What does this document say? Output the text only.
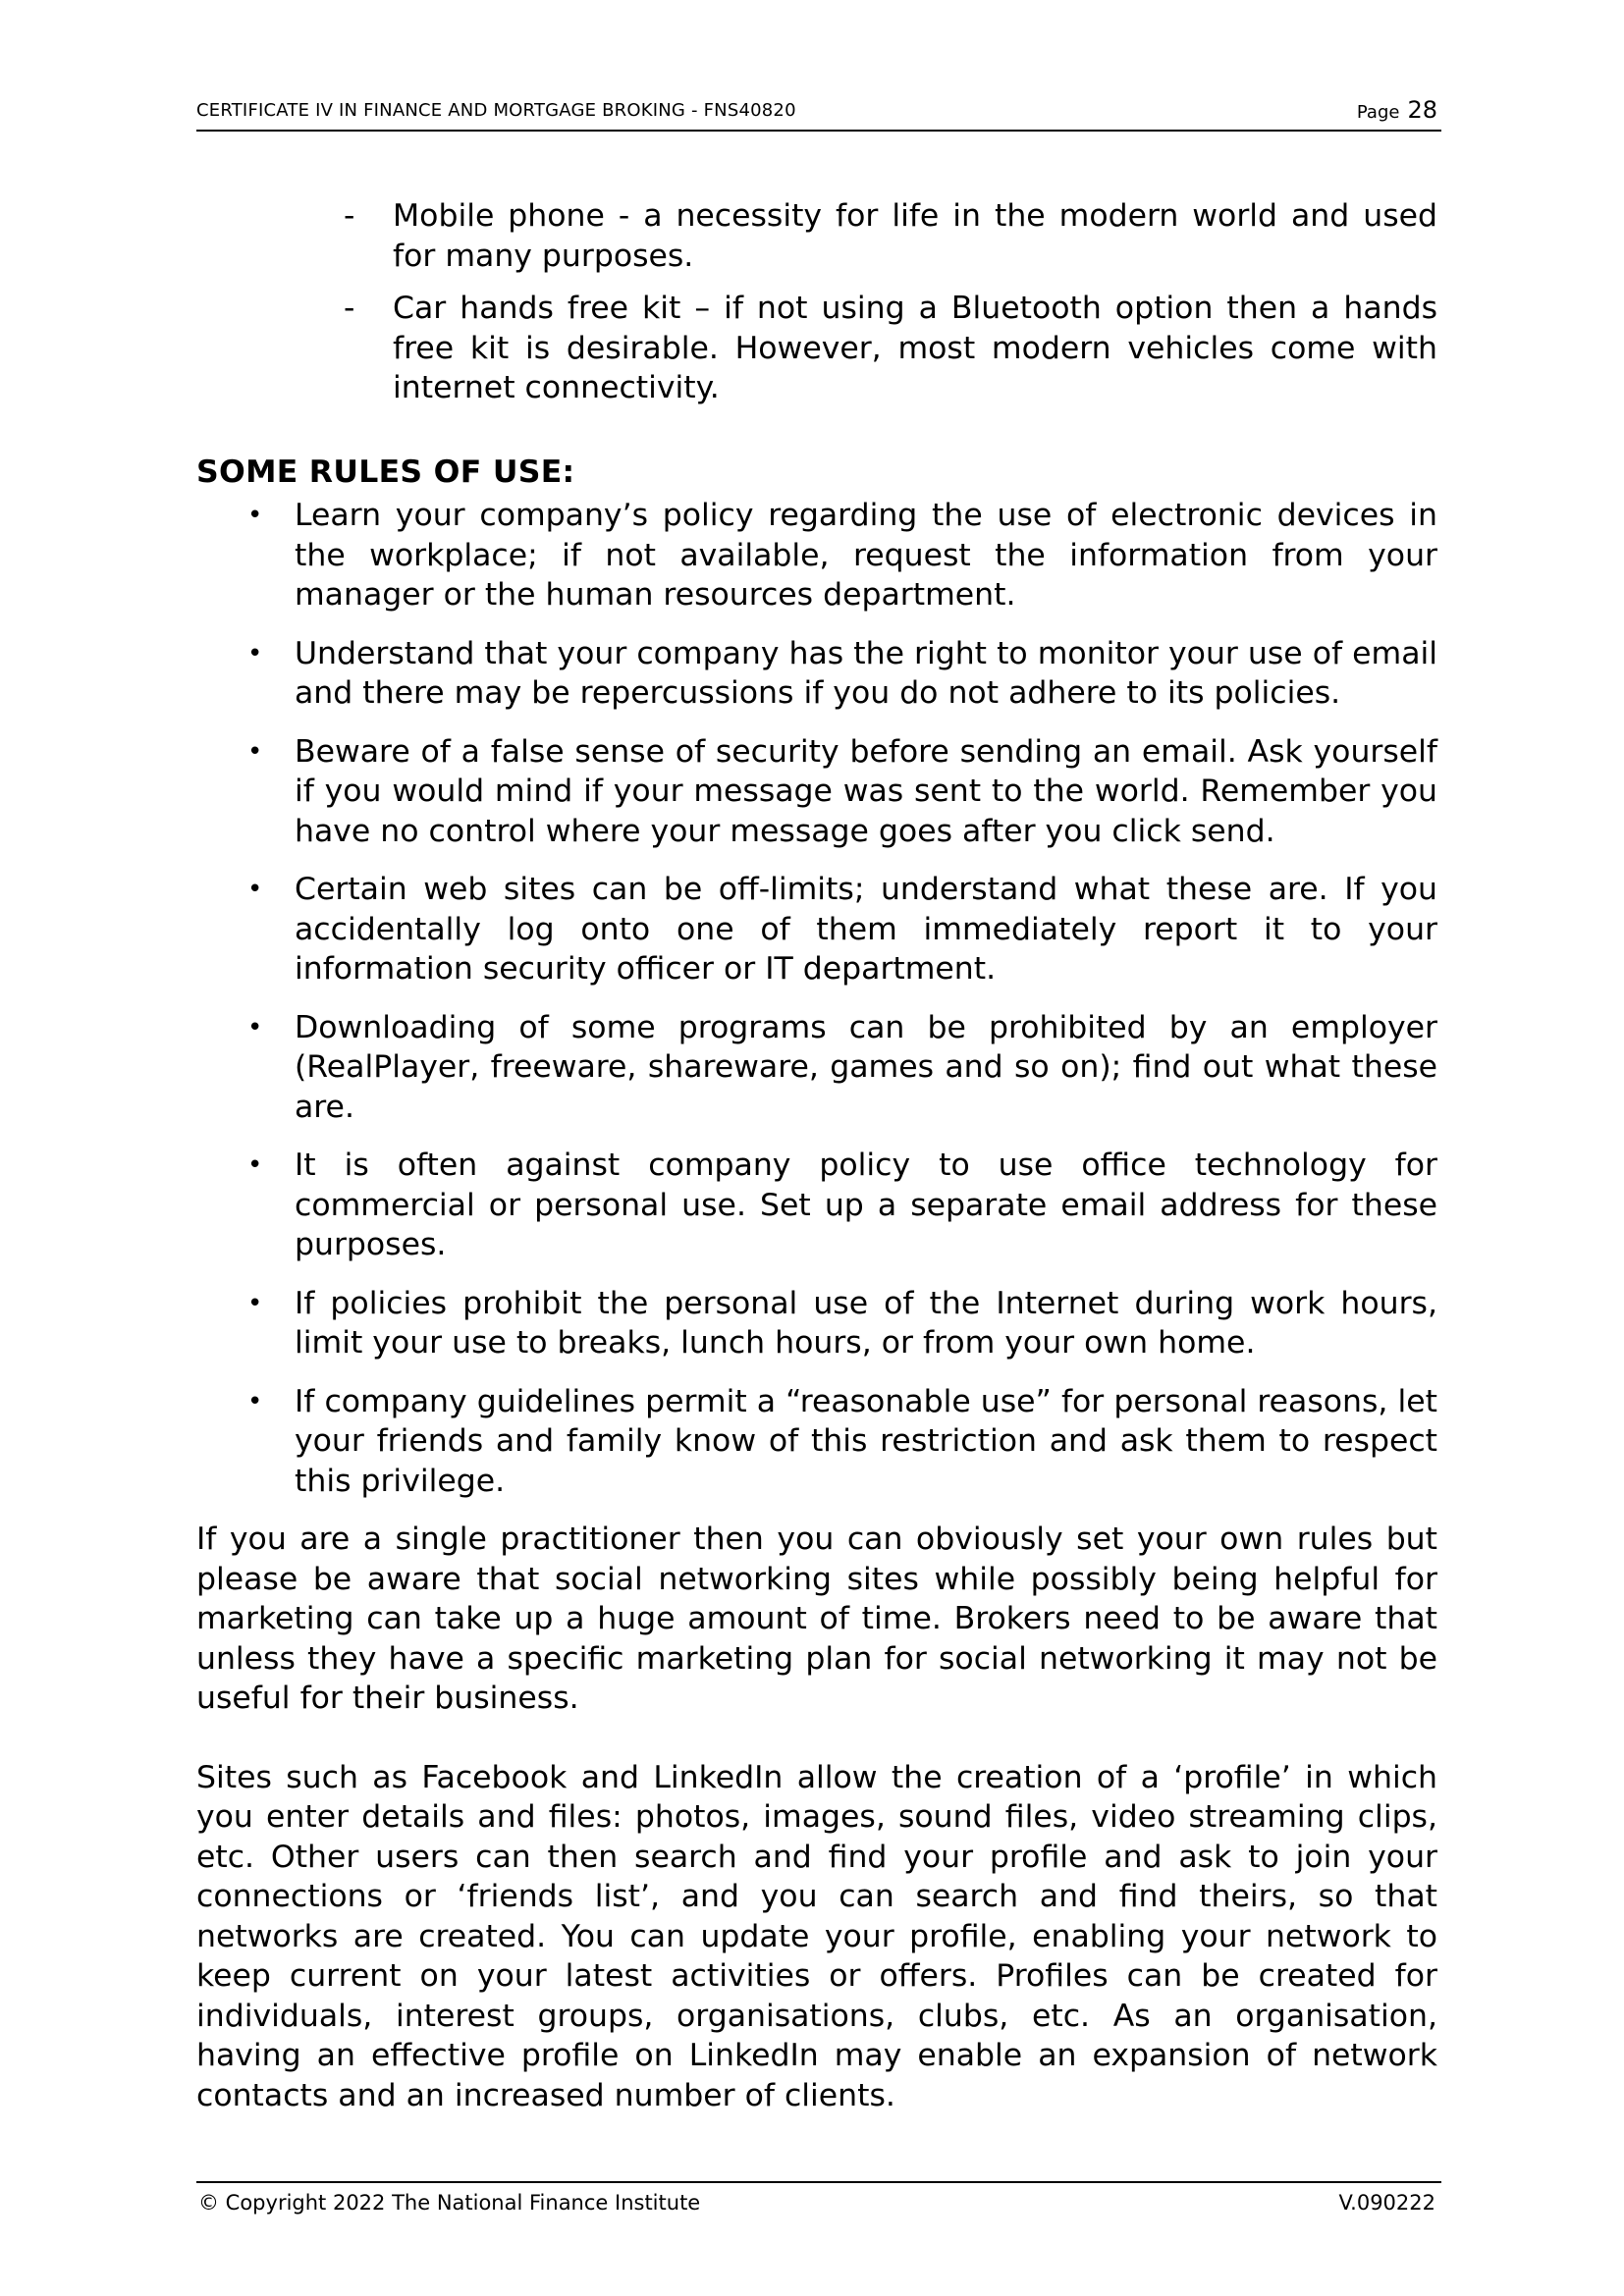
CERTIFICATE IV IN FINANCE AND MORTGAGE BROKING - FNS40820	Page 28
- Mobile phone - a necessity for life in the modern world and used for many purposes.
- Car hands free kit – if not using a Bluetooth option then a hands free kit is desirable. However, most modern vehicles come with internet connectivity.
SOME RULES OF USE:
• Learn your company’s policy regarding the use of electronic devices in the workplace; if not available, request the information from your manager or the human resources department.
• Understand that your company has the right to monitor your use of email and there may be repercussions if you do not adhere to its policies.
• Beware of a false sense of security before sending an email. Ask yourself if you would mind if your message was sent to the world. Remember you have no control where your message goes after you click send.
• Certain web sites can be off-limits; understand what these are. If you accidentally log onto one of them immediately report it to your information security officer or IT department.
• Downloading of some programs can be prohibited by an employer (RealPlayer, freeware, shareware, games and so on); find out what these are.
• It is often against company policy to use office technology for commercial or personal use. Set up a separate email address for these purposes.
• If policies prohibit the personal use of the Internet during work hours, limit your use to breaks, lunch hours, or from your own home.
• If company guidelines permit a “reasonable use” for personal reasons, let your friends and family know of this restriction and ask them to respect this privilege.

If you are a single practitioner then you can obviously set your own rules but please be aware that social networking sites while possibly being helpful for marketing can take up a huge amount of time. Brokers need to be aware that unless they have a specific marketing plan for social networking it may not be useful for their business.

Sites such as Facebook and LinkedIn allow the creation of a ‘profile’ in which you enter details and files: photos, images, sound files, video streaming clips, etc. Other users can then search and find your profile and ask to join your connections or ‘friends list’, and you can search and find theirs, so that networks are created. You can update your profile, enabling your network to keep current on your latest activities or offers. Profiles can be created for individuals, interest groups, organisations, clubs, etc. As an organisation, having an effective profile on LinkedIn may enable an expansion of network contacts and an increased number of clients.

© Copyright 2022 The National Finance Institute	V.090222
